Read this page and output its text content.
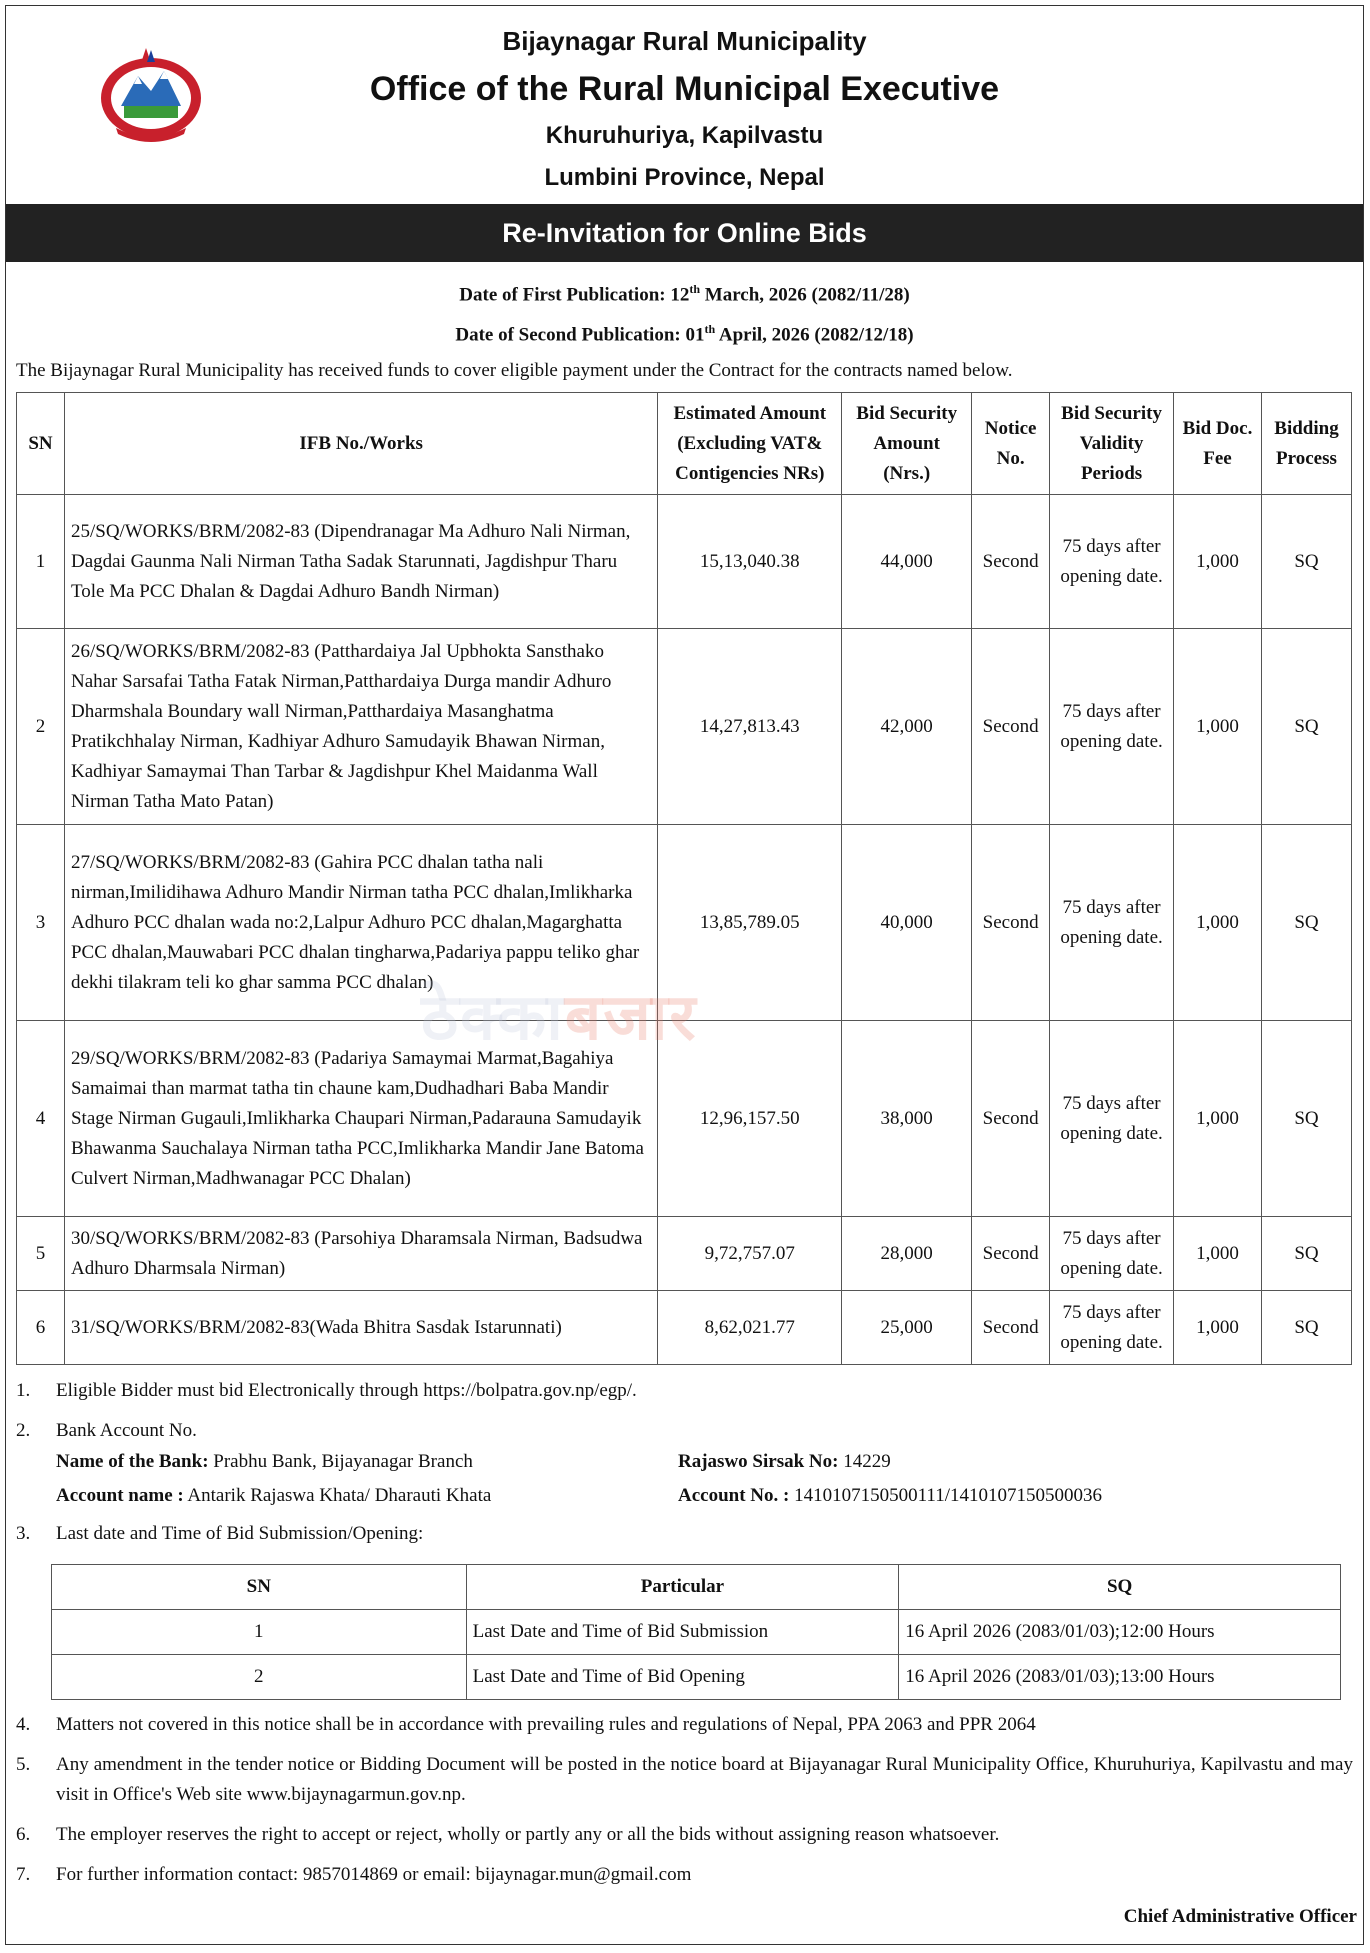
Bijaynagar Rural Municipality
Office of the Rural Municipal Executive
Khuruhuriya, Kapilvastu
Lumbini Province, Nepal
Re-Invitation for Online Bids
Date of First Publication: 12th March, 2026 (2082/11/28)
Date of Second Publication: 01th April, 2026 (2082/12/18)
The Bijaynagar Rural Municipality has received funds to cover eligible payment under the Contract for the contracts named below.
SN	IFB No./Works	Estimated Amount (Excluding VAT& Contigencies NRs)	Bid Security Amount (Nrs.)	Notice No.	Bid Security Validity Periods	Bid Doc. Fee	Bidding Process
1	25/SQ/WORKS/BRM/2082-83 (Dipendranagar Ma Adhuro Nali Nirman, Dagdai Gaunma Nali Nirman Tatha Sadak Starunnati, Jagdishpur Tharu Tole Ma PCC Dhalan & Dagdai Adhuro Bandh Nirman)	15,13,040.38	44,000	Second	75 days after opening date.	1,000	SQ
2	26/SQ/WORKS/BRM/2082-83 (Patthardaiya Jal Upbhokta Sansthako Nahar Sarsafai Tatha Fatak Nirman,Patthardaiya Durga mandir Adhuro Dharmshala Boundary wall Nirman,Patthardaiya Masanghatma Pratikchhalay Nirman, Kadhiyar Adhuro Samudayik Bhawan Nirman, Kadhiyar Samaymai Than Tarbar & Jagdishpur Khel Maidanma Wall Nirman Tatha Mato Patan)	14,27,813.43	42,000	Second	75 days after opening date.	1,000	SQ
3	27/SQ/WORKS/BRM/2082-83 (Gahira PCC dhalan tatha nali nirman,Imilidihawa Adhuro Mandir Nirman tatha PCC dhalan,Imlikharka Adhuro PCC dhalan wada no:2,Lalpur Adhuro PCC dhalan,Magarghatta PCC dhalan,Mauwabari PCC dhalan tingharwa,Padariya pappu teliko ghar dekhi tilakram teli ko ghar samma PCC dhalan)	13,85,789.05	40,000	Second	75 days after opening date.	1,000	SQ
4	29/SQ/WORKS/BRM/2082-83 (Padariya Samaymai Marmat,Bagahiya Samaimai than marmat tatha tin chaune kam,Dudhadhari Baba Mandir Stage Nirman Gugauli,Imlikharka Chaupari Nirman,Padarauna Samudayik Bhawanma Sauchalaya Nirman tatha PCC,Imlikharka Mandir Jane Batoma Culvert Nirman,Madhwanagar PCC Dhalan)	12,96,157.50	38,000	Second	75 days after opening date.	1,000	SQ
5	30/SQ/WORKS/BRM/2082-83 (Parsohiya Dharamsala Nirman, Badsudwa Adhuro Dharmsala Nirman)	9,72,757.07	28,000	Second	75 days after opening date.	1,000	SQ
6	31/SQ/WORKS/BRM/2082-83(Wada Bhitra Sasdak Istarunnati)	8,62,021.77	25,000	Second	75 days after opening date.	1,000	SQ
ठेक्काबजार
1.	Eligible Bidder must bid Electronically through https://bolpatra.gov.np/egp/.
2.	Bank Account No.
Name of the Bank: Prabhu Bank, Bijayanagar Branch	Rajaswo Sirsak No: 14229
Account name : Antarik Rajaswa Khata/ Dharauti Khata	Account No. : 1410107150500111/1410107150500036
3.	Last date and Time of Bid Submission/Opening:
SN	Particular	SQ
1	Last Date and Time of Bid Submission	16 April 2026 (2083/01/03);12:00 Hours
2	Last Date and Time of Bid Opening	16 April 2026 (2083/01/03);13:00 Hours
4.	Matters not covered in this notice shall be in accordance with prevailing rules and regulations of Nepal, PPA 2063 and PPR 2064
5.	Any amendment in the tender notice or Bidding Document will be posted in the notice board at Bijayanagar Rural Municipality Office, Khuruhuriya, Kapilvastu and may visit in Office's Web site www.bijaynagarmun.gov.np.
6.	The employer reserves the right to accept or reject, wholly or partly any or all the bids without assigning reason whatsoever.
7.	For further information contact: 9857014869 or email: bijaynagar.mun@gmail.com
Chief Administrative Officer
